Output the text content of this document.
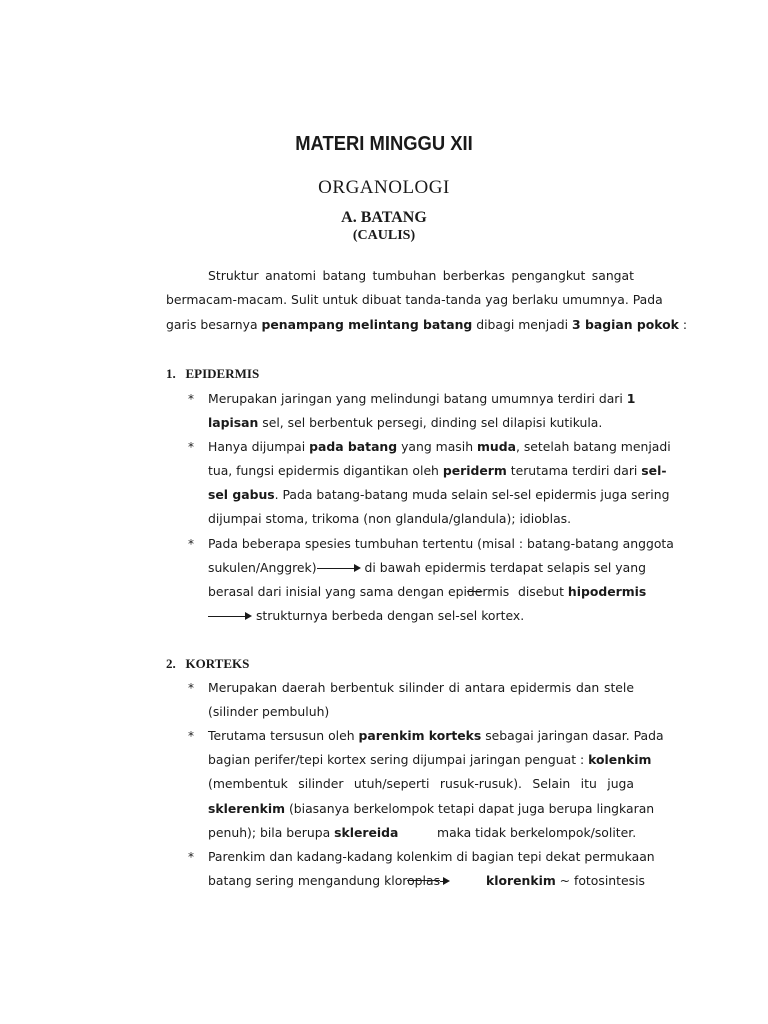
MATERI MINGGU XII
ORGANOLOGI
A. BATANG
(CAULIS)
Struktur anatomi batang tumbuhan berberkas pengangkut sangat
bermacam-macam. Sulit untuk dibuat tanda-tanda yag berlaku umumnya. Pada
garis besarnya penampang melintang batang dibagi menjadi 3 bagian pokok :
1.   EPIDERMIS
* Merupakan jaringan yang melindungi batang umumnya terdiri dari 1
lapisan sel, sel berbentuk persegi, dinding sel dilapisi kutikula.
* Hanya dijumpai pada batang yang masih muda, setelah batang menjadi
tua, fungsi epidermis digantikan oleh periderm terutama terdiri dari sel-
sel gabus. Pada batang-batang muda selain sel-sel epidermis juga sering
dijumpai stoma, trikoma (non glandula/glandula); idioblas.
* Pada beberapa spesies tumbuhan tertentu (misal : batang-batang anggota
sukulen/Anggrek)	di bawah epidermis terdapat selapis sel yang
berasal dari inisial yang sama dengan epidermis disebut hipodermis
strukturnya berbeda dengan sel-sel kortex.
2.   KORTEKS
* Merupakan daerah berbentuk silinder di antara epidermis dan stele
(silinder pembuluh)
* Terutama tersusun oleh parenkim korteks sebagai jaringan dasar. Pada
bagian perifer/tepi kortex sering dijumpai jaringan penguat : kolenkim
(membentuk silinder utuh/seperti rusuk-rusuk). Selain itu juga
sklerenkim (biasanya berkelompok tetapi dapat juga berupa lingkaran
penuh); bila berupa sklereida	maka tidak berkelompok/soliter.
* Parenkim dan kadang-kadang kolenkim di bagian tepi dekat permukaan
batang sering mengandung kloroplas	klorenkim ~ fotosintesis
